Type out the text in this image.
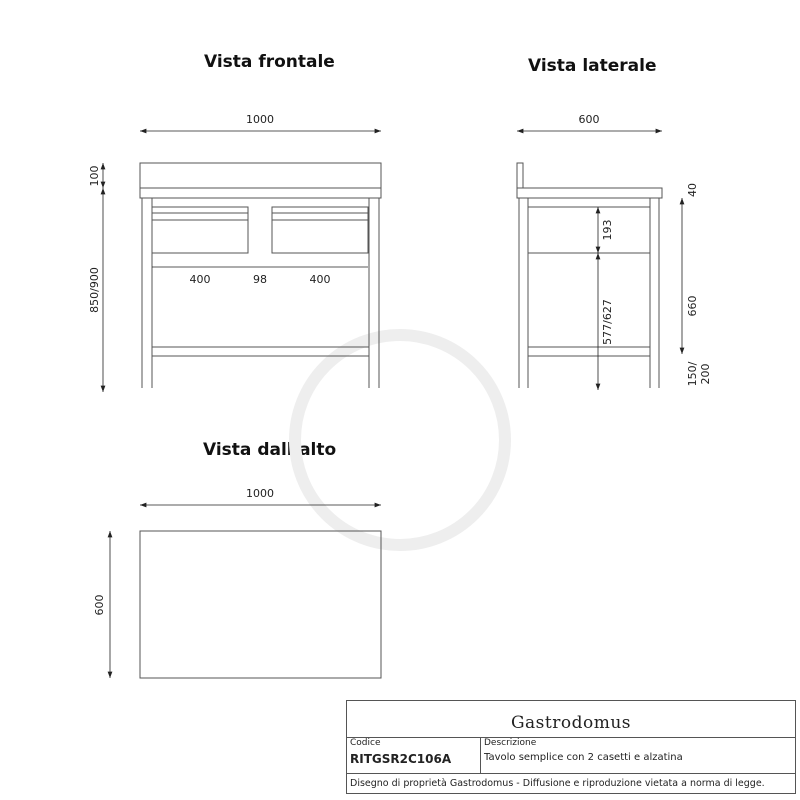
Vista frontale	Vista laterale
Vista dall’alto
1000
100
850/900	400	98	400
600
40
193
577/627	660
150/ 200
1000
600
Gastrodomus
Codice
RITGSR2C106A
Descrizione
Tavolo semplice con 2 casetti e alzatina
Disegno di proprietà Gastrodomus - Diffusione e riproduzione vietata a norma di legge.
